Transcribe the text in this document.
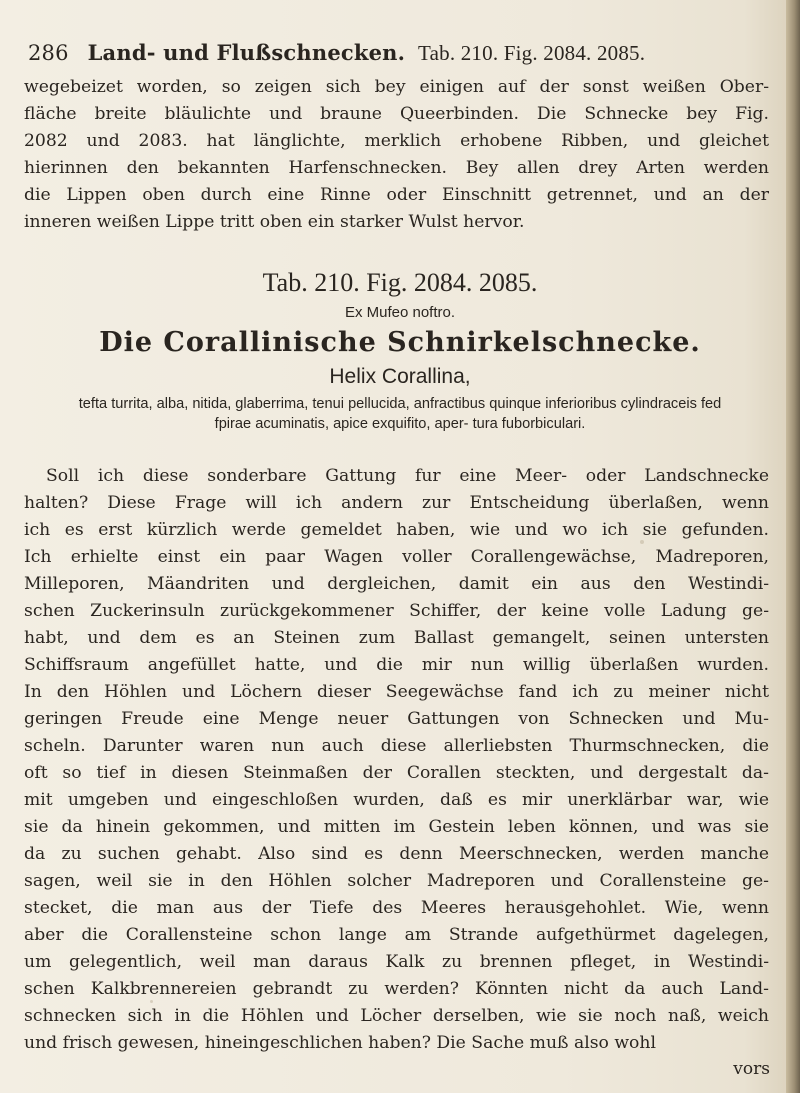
286 Land- und Flußschnecken. Tab. 210. Fig. 2084. 2085.

wegebeizet worden, so zeigen sich bey einigen auf der sonst weißen Ober-

fläche breite bläulichte und braune Queerbinden. Die Schnecke bey Fig.

2082 und 2083. hat länglichte, merklich erhobene Ribben, und gleichet

hierinnen den bekannten Harfenschnecken. Bey allen drey Arten werden

die Lippen oben durch eine Rinne oder Einschnitt getrennet, und an der

inneren weißen Lippe tritt oben ein starker Wulst hervor.

Tab. 210. Fig. 2084. 2085.
Ex Mufeo noftro.
Die Corallinische Schnirkelschnecke.
Helix Corallina,
tefta turrita, alba, nitida, glaberrima, tenui pellucida, anfractibus quinque inferioribus cylindraceis fed fpirae acuminatis, apice exquifito, aper- tura fuborbiculari.

Soll ich diese sonderbare Gattung fur eine Meer- oder Landschnecke

halten? Diese Frage will ich andern zur Entscheidung überlaßen, wenn

ich es erst kürzlich werde gemeldet haben, wie und wo ich sie gefunden.

Ich erhielte einst ein paar Wagen voller Corallengewächse, Madreporen,

Milleporen, Mäandriten und dergleichen, damit ein aus den Westindi-

schen Zuckerinsuln zurückgekommener Schiffer, der keine volle Ladung ge-

habt, und dem es an Steinen zum Ballast gemangelt, seinen untersten

Schiffsraum angefüllet hatte, und die mir nun willig überlaßen wurden.

In den Höhlen und Löchern dieser Seegewächse fand ich zu meiner nicht

geringen Freude eine Menge neuer Gattungen von Schnecken und Mu-

scheln. Darunter waren nun auch diese allerliebsten Thurmschnecken, die

oft so tief in diesen Steinmaßen der Corallen steckten, und dergestalt da-

mit umgeben und eingeschloßen wurden, daß es mir unerklärbar war, wie

sie da hinein gekommen, und mitten im Gestein leben können, und was sie

da zu suchen gehabt. Also sind es denn Meerschnecken, werden manche

sagen, weil sie in den Höhlen solcher Madreporen und Corallensteine ge-

stecket, die man aus der Tiefe des Meeres herausgehohlet. Wie, wenn

aber die Corallensteine schon lange am Strande aufgethürmet dagelegen,

um gelegentlich, weil man daraus Kalk zu brennen pfleget, in Westindi-

schen Kalkbrennereien gebrandt zu werden? Könnten nicht da auch Land-

schnecken sich in die Höhlen und Löcher derselben, wie sie noch naß, weich

und frisch gewesen, hineingeschlichen haben? Die Sache muß also wohl

vors
